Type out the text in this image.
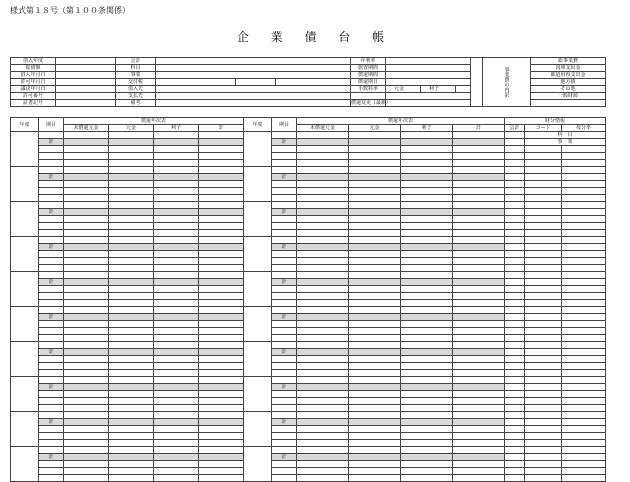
様式第１８号（第１００条関係）
企 業 債 台 帳
借入年度		会計				年利率					事業費の内訳	総事業費	
総債額		科目				据置期間						国庫支出金	
借入年月日		事業				償還期間						都道府県支出金	
許可年月日		交付税				償還期日						地方債	
議決年月日		借入先				手数料率	元金	利子				その他	
許可番号		支払先										一般財源	
証書記号		備考				償還変更（最新）							
年度	期目	償還年次表				年度	期目	償還年次表				財分情報		
		未償還元金	元金	利子	計			未償還元金	元金	利子	計	会計	コード	按分率
													科　目	
	計						計						事　業	

	計						計							

	計						計							

	計						計							

	計						計							

	計						計							

	計						計							

	計						計							

	計						計							

	計						計							
